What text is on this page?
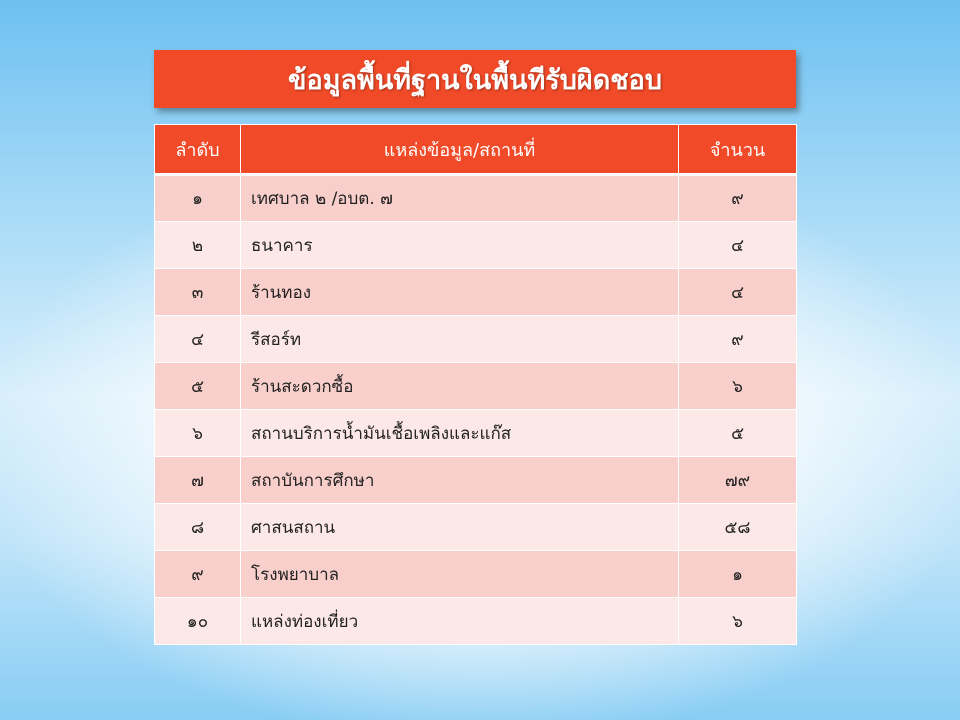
ข้อมูลพื้นที่ฐานในพื้นทีรับผิดชอบ
ลำดับ	แหล่งข้อมูล/สถานที่	จำนวน
๑	เทศบาล ๒ /อบต. ๗	๙
๒	ธนาคาร	๔
๓	ร้านทอง	๔
๔	รีสอร์ท	๙
๕	ร้านสะดวกซื้อ	๖
๖	สถานบริการน้ำมันเชื้อเพลิงและแก๊ส	๕
๗	สถาบันการศึกษา	๗๙
๘	ศาสนสถาน	๕๘
๙	โรงพยาบาล	๑
๑๐	แหล่งท่องเที่ยว	๖
